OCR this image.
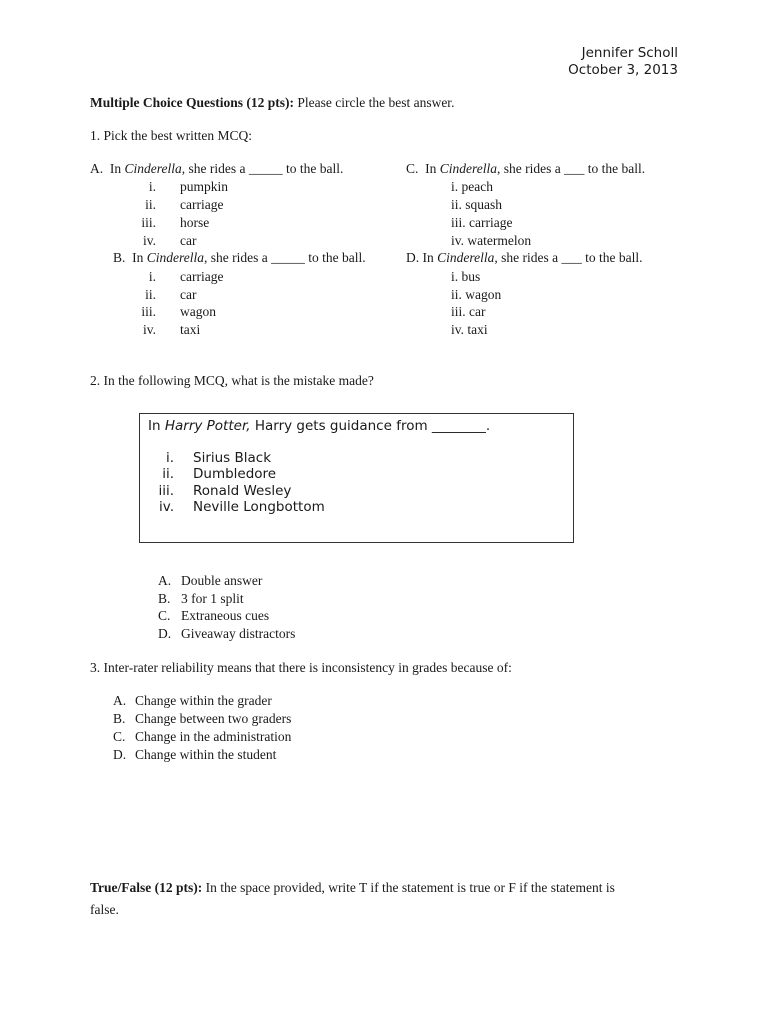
Jennifer Scholl
October 3, 2013
Multiple Choice Questions (12 pts): Please circle the best answer.
1. Pick the best written MCQ:
A. In Cinderella, she rides a _____ to the ball.
i. pumpkin
ii. carriage
iii. horse
iv. car
B. In Cinderella, she rides a _____ to the ball.
i. carriage
ii. car
iii. wagon
iv. taxi
C. In Cinderella, she rides a ___ to the ball.
i. peach
ii. squash
iii. carriage
iv. watermelon
D. In Cinderella, she rides a ___ to the ball.
i. bus
ii. wagon
iii. car
iv. taxi
2. In the following MCQ, what is the mistake made?
In Harry Potter, Harry gets guidance from ________.
i. Sirius Black
ii. Dumbledore
iii. Ronald Wesley
iv. Neville Longbottom
A. Double answer
B. 3 for 1 split
C. Extraneous cues
D. Giveaway distractors
3. Inter-rater reliability means that there is inconsistency in grades because of:
A. Change within the grader
B. Change between two graders
C. Change in the administration
D. Change within the student
True/False (12 pts): In the space provided, write T if the statement is true or F if the statement is
false.
